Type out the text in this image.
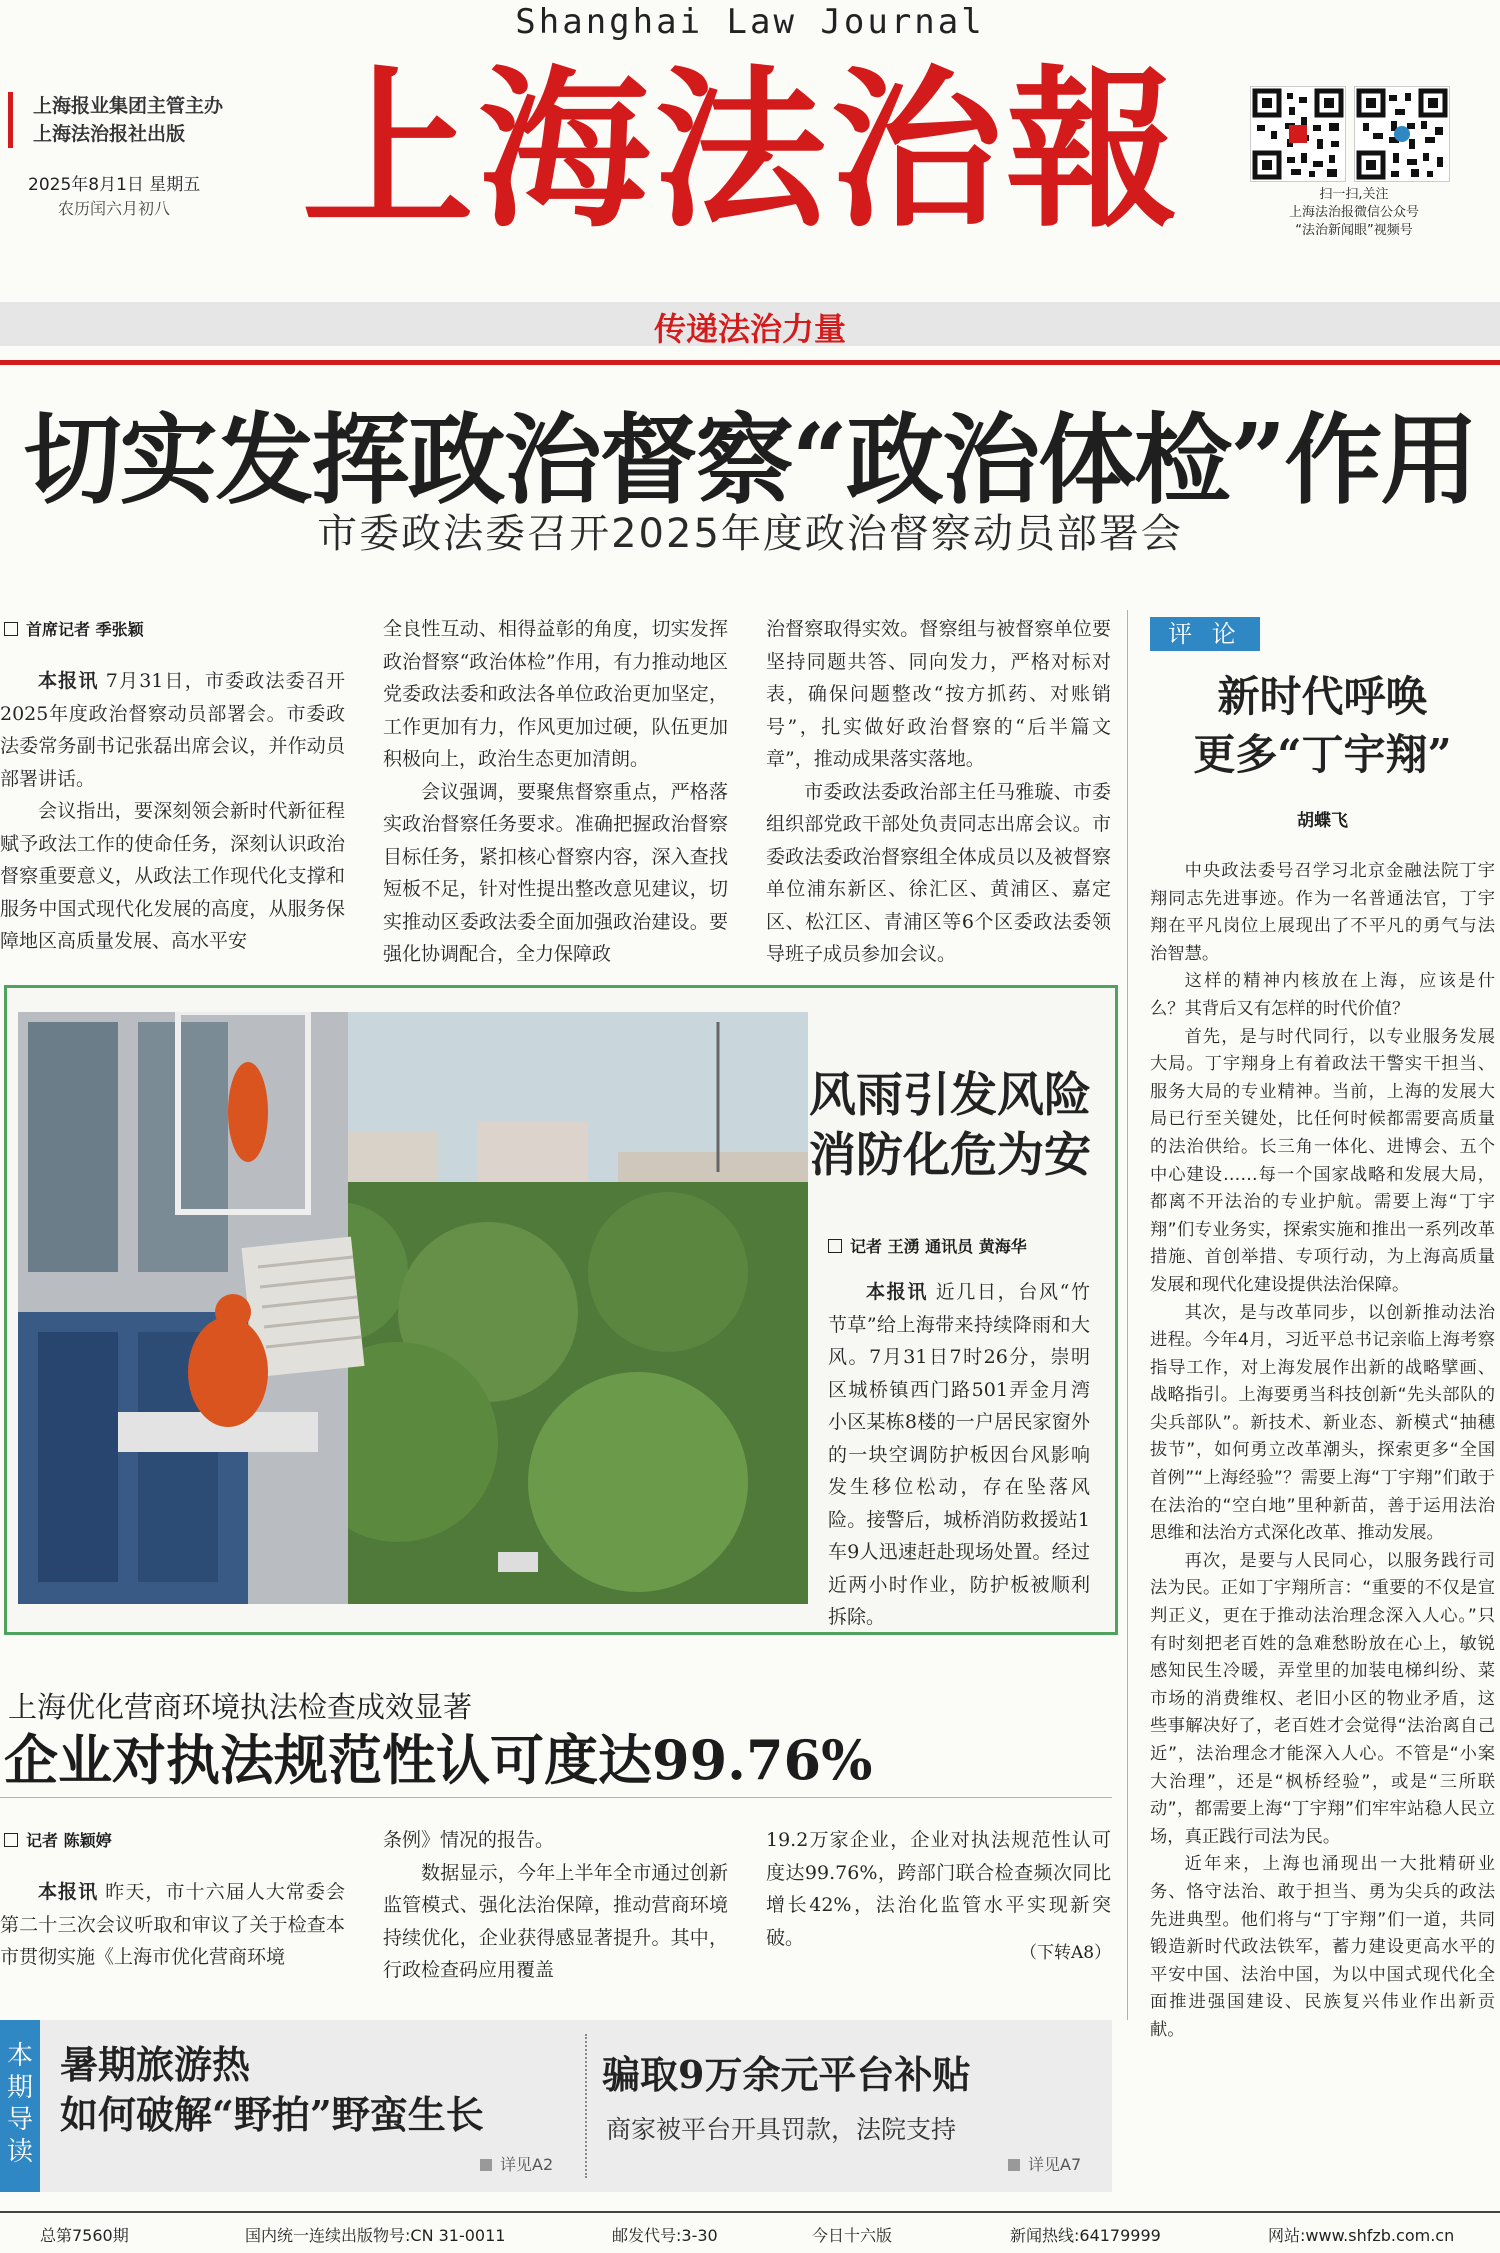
Shanghai Law Journal
上海报业集团主管主办
上海法治报社出版
2025年8月1日 星期五
农历闰六月初八 上海法治報	扫一扫,关注
上海法治报微信公众号
“法治新闻眼”视频号
传递法治力量
切实发挥政治督察“政治体检”作用
市委政法委召开2025年度政治督察动员部署会
首席记者 季张颖

本报讯 7月31日，市委政法委召开2025年度政治督察动员部署会。市委政法委常务副书记张磊出席会议，并作动员部署讲话。

会议指出，要深刻领会新时代新征程赋予政法工作的使命任务，深刻认识政治督察重要意义，从政法工作现代化支撑和服务中国式现代化发展的高度，从服务保障地区高质量发展、高水平安

全良性互动、相得益彰的角度，切实发挥政治督察“政治体检”作用，有力推动地区党委政法委和政法各单位政治更加坚定，工作更加有力，作风更加过硬，队伍更加积极向上，政治生态更加清朗。

会议强调，要聚焦督察重点，严格落实政治督察任务要求。准确把握政治督察目标任务，紧扣核心督察内容，深入查找短板不足，针对性提出整改意见建议，切实推动区委政法委全面加强政治建设。要强化协调配合，全力保障政

治督察取得实效。督察组与被督察单位要坚持同题共答、同向发力，严格对标对表，确保问题整改“按方抓药、对账销号”，扎实做好政治督察的“后半篇文章”，推动成果落实落地。

市委政法委政治部主任马雅璇、市委组织部党政干部处负责同志出席会议。市委政法委政治督察组全体成员以及被督察单位浦东新区、徐汇区、黄浦区、嘉定区、松江区、青浦区等6个区委政法委领导班子成员参加会议。

风雨引发风险
消防化危为安
记者 王湧 通讯员 黄海华

本报讯 近几日，台风“竹节草”给上海带来持续降雨和大风。7月31日7时26分，崇明区城桥镇西门路501弄金月湾小区某栋8楼的一户居民家窗外的一块空调防护板因台风影响发生移位松动，存在坠落风险。接警后，城桥消防救援站1车9人迅速赶赴现场处置。经过近两小时作业，防护板被顺利拆除。

评 论
新时代呼唤
更多“丁宇翔”
胡蝶飞

中央政法委号召学习北京金融法院丁宇翔同志先进事迹。作为一名普通法官，丁宇翔在平凡岗位上展现出了不平凡的勇气与法治智慧。

这样的精神内核放在上海，应该是什么？其背后又有怎样的时代价值？

首先，是与时代同行，以专业服务发展大局。丁宇翔身上有着政法干警实干担当、服务大局的专业精神。当前，上海的发展大局已行至关键处，比任何时候都需要高质量的法治供给。长三角一体化、进博会、五个中心建设……每一个国家战略和发展大局，都离不开法治的专业护航。需要上海“丁宇翔”们专业务实，探索实施和推出一系列改革措施、首创举措、专项行动，为上海高质量发展和现代化建设提供法治保障。

其次，是与改革同步，以创新推动法治进程。今年4月，习近平总书记亲临上海考察指导工作，对上海发展作出新的战略擘画、战略指引。上海要勇当科技创新“先头部队的尖兵部队”。新技术、新业态、新模式“抽穗拔节”，如何勇立改革潮头，探索更多“全国首例”“上海经验”？需要上海“丁宇翔”们敢于在法治的“空白地”里种新苗，善于运用法治思维和法治方式深化改革、推动发展。

再次，是要与人民同心，以服务践行司法为民。正如丁宇翔所言：“重要的不仅是宣判正义，更在于推动法治理念深入人心。”只有时刻把老百姓的急难愁盼放在心上，敏锐感知民生冷暖，弄堂里的加装电梯纠纷、菜市场的消费维权、老旧小区的物业矛盾，这些事解决好了，老百姓才会觉得“法治离自己近”，法治理念才能深入人心。不管是“小案大治理”，还是“枫桥经验”，或是“三所联动”，都需要上海“丁宇翔”们牢牢站稳人民立场，真正践行司法为民。

近年来，上海也涌现出一大批精研业务、恪守法治、敢于担当、勇为尖兵的政法先进典型。他们将与“丁宇翔”们一道，共同锻造新时代政法铁军，蓄力建设更高水平的平安中国、法治中国，为以中国式现代化全面推进强国建设、民族复兴伟业作出新贡献。

上海优化营商环境执法检查成效显著
企业对执法规范性认可度达99.76%
记者 陈颖婷

本报讯 昨天，市十六届人大常委会第二十三次会议听取和审议了关于检查本市贯彻实施《上海市优化营商环境

条例》情况的报告。

数据显示，今年上半年全市通过创新监管模式、强化法治保障，推动营商环境持续优化，企业获得感显著提升。其中，行政检查码应用覆盖

19.2万家企业，企业对执法规范性认可度达99.76%，跨部门联合检查频次同比增长42%，法治化监管水平实现新突破。

（下转A8）
本期导读
暑期旅游热
如何破解“野拍”野蛮生长
详见A2
骗取9万余元平台补贴
商家被平台开具罚款，法院支持
详见A7
总第7560期	国内统一连续出版物号:CN 31-0011	邮发代号:3-30	今日十六版	新闻热线:64179999	网站:www.shfzb.com.cn
